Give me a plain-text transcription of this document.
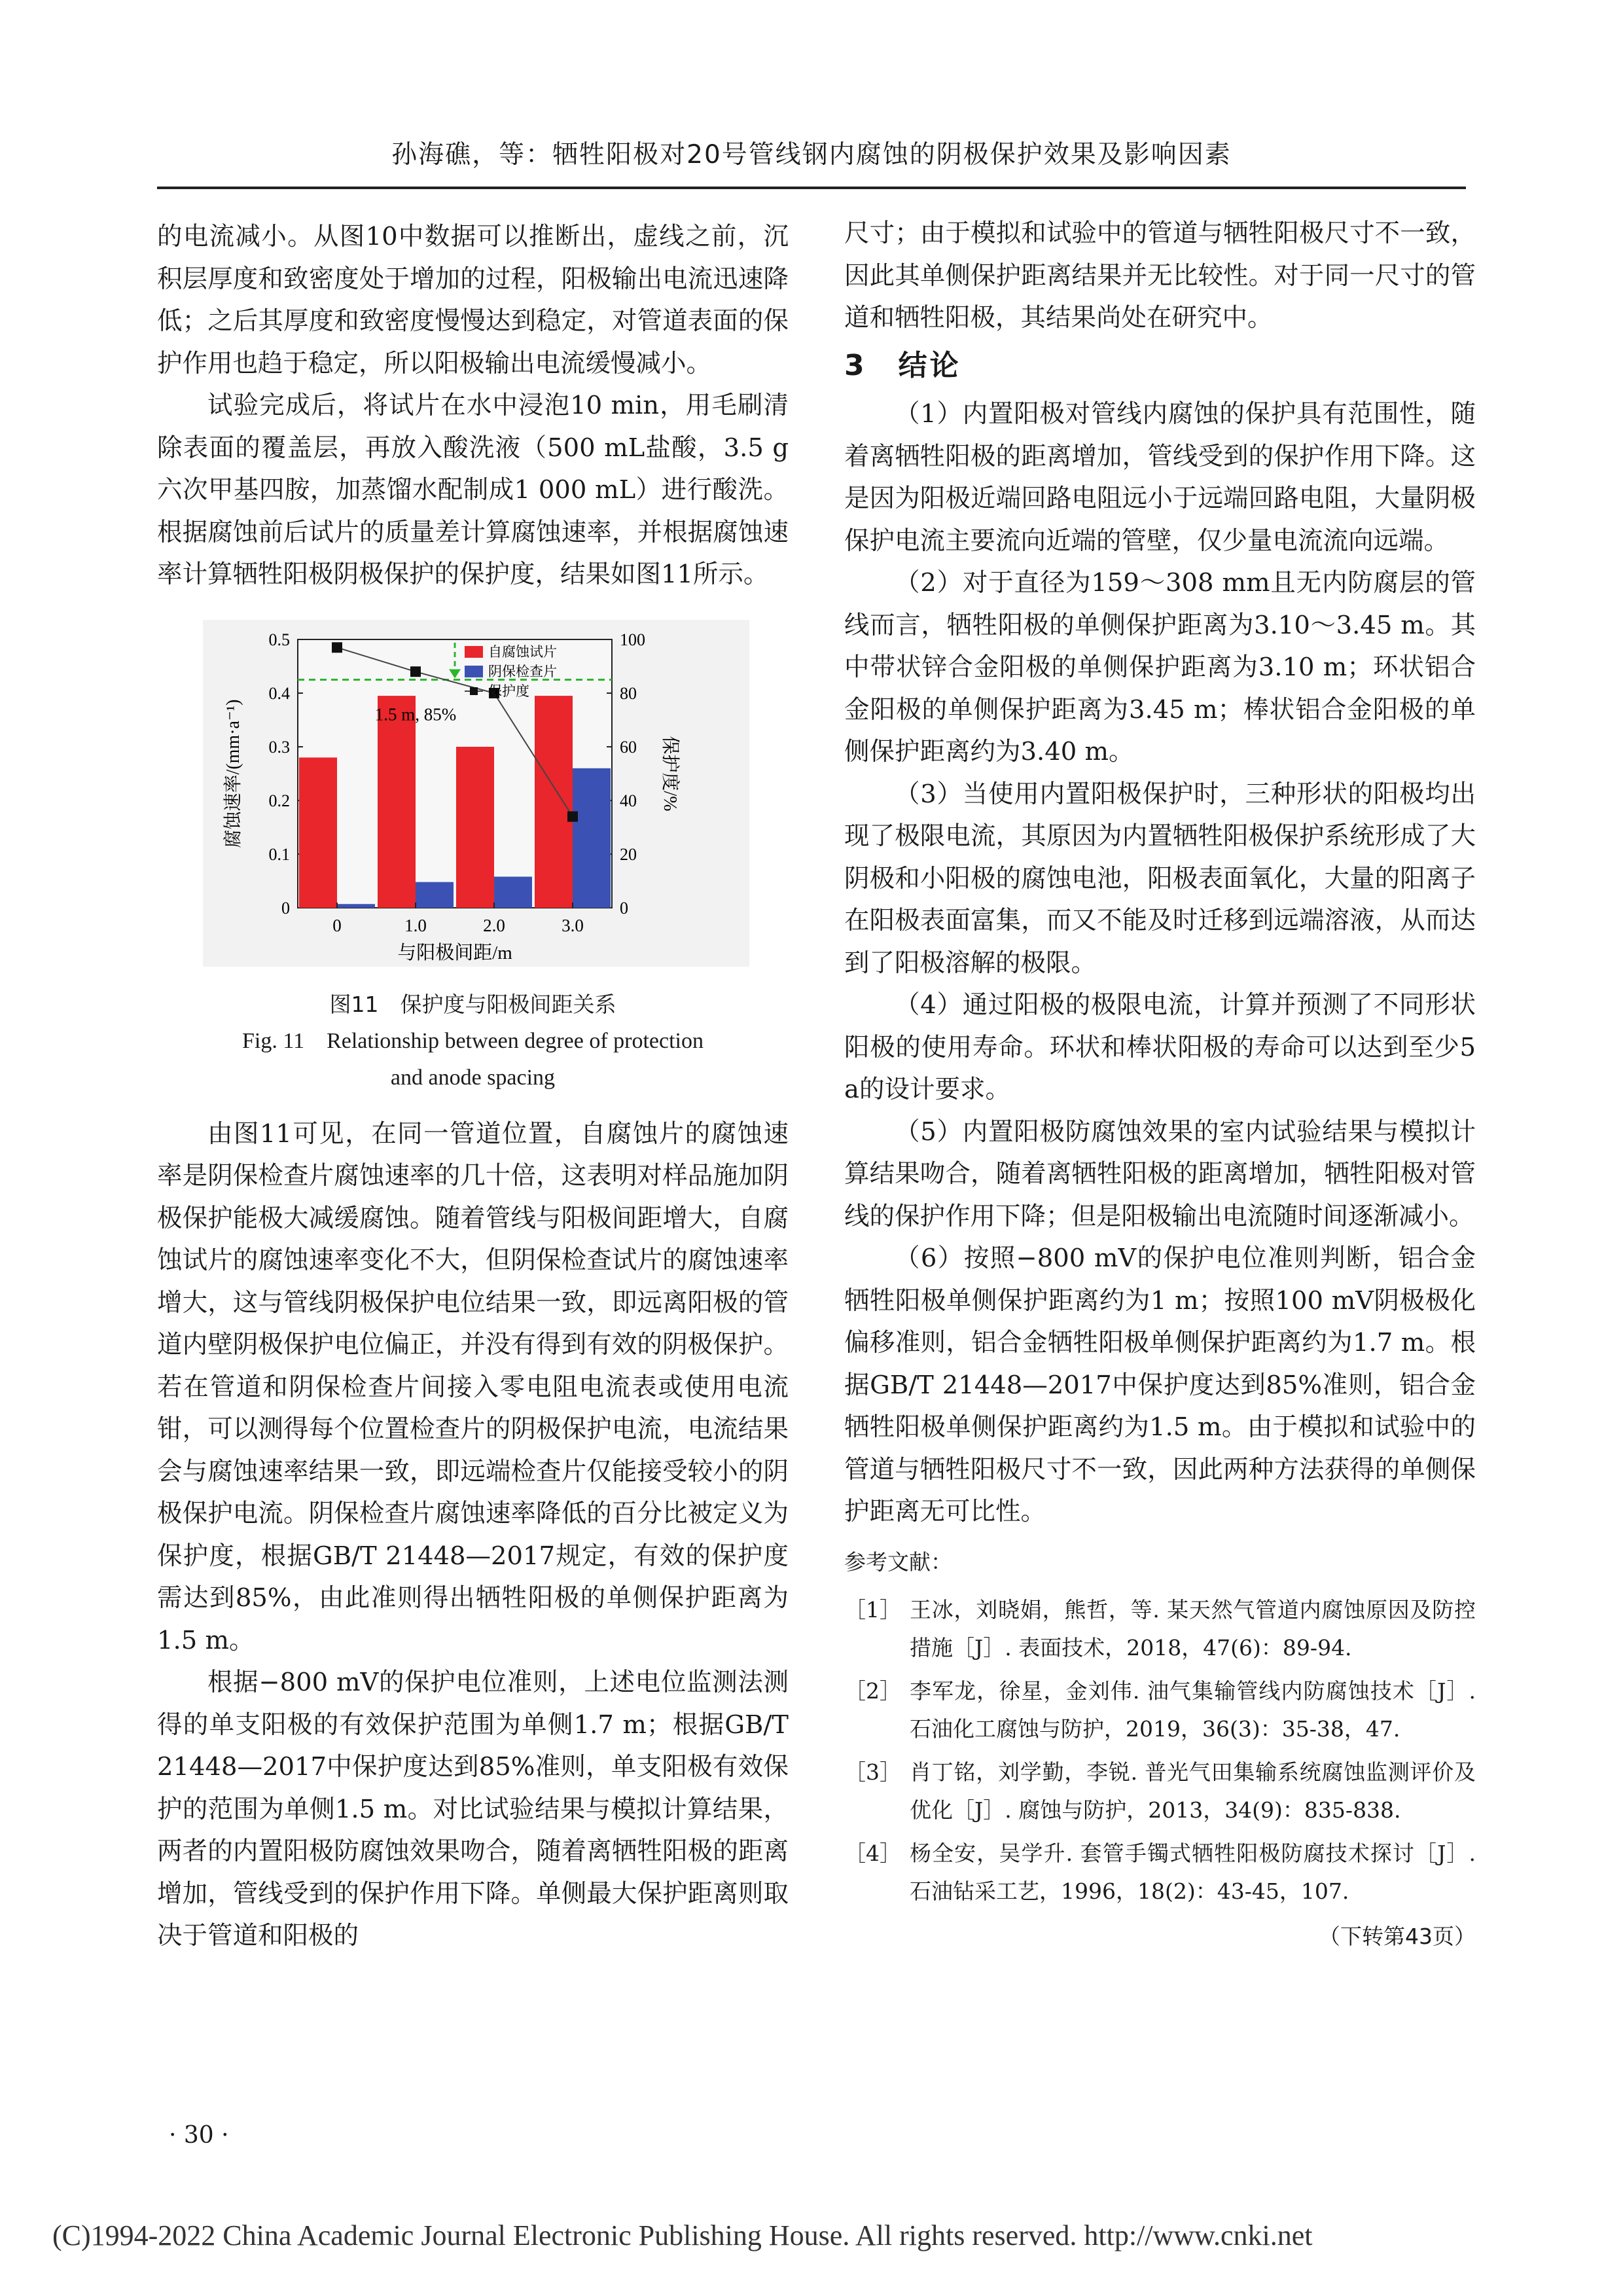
孙海礁，等：牺牲阳极对20号管线钢内腐蚀的阴极保护效果及影响因素

的电流减小。从图10中数据可以推断出，虚线之前，沉积层厚度和致密度处于增加的过程，阳极输出电流迅速降低；之后其厚度和致密度慢慢达到稳定，对管道表面的保护作用也趋于稳定，所以阳极输出电流缓慢减小。

试验完成后，将试片在水中浸泡10 min，用毛刷清除表面的覆盖层，再放入酸洗液（500 mL盐酸，3.5 g六次甲基四胺，加蒸馏水配制成1 000 mL）进行酸洗。根据腐蚀前后试片的质量差计算腐蚀速率，并根据腐蚀速率计算牺牲阳极阴极保护的保护度，结果如图11所示。

0
0.1
0.2
0.3
0.4
0.5
0
20
40
60
80
100
0	1.0	2.0	3.0
1.5 m, 85%
腐蚀速率/(mm·a⁻¹)	保护度/%
与阳极间距/m
自腐蚀试片
阴保检查片
保护度
图11　保护度与阳极间距关系
Fig. 11　Relationship between degree of protection
and anode spacing

由图11可见，在同一管道位置，自腐蚀片的腐蚀速率是阴保检查片腐蚀速率的几十倍，这表明对样品施加阴极保护能极大减缓腐蚀。随着管线与阳极间距增大，自腐蚀试片的腐蚀速率变化不大，但阴保检查试片的腐蚀速率增大，这与管线阴极保护电位结果一致，即远离阳极的管道内壁阴极保护电位偏正，并没有得到有效的阴极保护。若在管道和阴保检查片间接入零电阻电流表或使用电流钳，可以测得每个位置检查片的阴极保护电流，电流结果会与腐蚀速率结果一致，即远端检查片仅能接受较小的阴极保护电流。阴保检查片腐蚀速率降低的百分比被定义为保护度，根据GB/T 21448—2017规定，有效的保护度需达到85%，由此准则得出牺牲阳极的单侧保护距离为1.5 m。

根据−800 mV的保护电位准则，上述电位监测法测得的单支阳极的有效保护范围为单侧1.7 m；根据GB/T 21448—2017中保护度达到85%准则，单支阳极有效保护的范围为单侧1.5 m。对比试验结果与模拟计算结果，两者的内置阳极防腐蚀效果吻合，随着离牺牲阳极的距离增加，管线受到的保护作用下降。单侧最大保护距离则取决于管道和阳极的

尺寸；由于模拟和试验中的管道与牺牲阳极尺寸不一致，因此其单侧保护距离结果并无比较性。对于同一尺寸的管道和牺牲阳极，其结果尚处在研究中。

3　结论

（1）内置阳极对管线内腐蚀的保护具有范围性，随着离牺牲阳极的距离增加，管线受到的保护作用下降。这是因为阳极近端回路电阻远小于远端回路电阻，大量阴极保护电流主要流向近端的管壁，仅少量电流流向远端。

（2）对于直径为159～308 mm且无内防腐层的管线而言，牺牲阳极的单侧保护距离为3.10～3.45 m。其中带状锌合金阳极的单侧保护距离为3.10 m；环状铝合金阳极的单侧保护距离为3.45 m；棒状铝合金阳极的单侧保护距离约为3.40 m。

（3）当使用内置阳极保护时，三种形状的阳极均出现了极限电流，其原因为内置牺牲阳极保护系统形成了大阴极和小阳极的腐蚀电池，阳极表面氧化，大量的阳离子在阳极表面富集，而又不能及时迁移到远端溶液，从而达到了阳极溶解的极限。

（4）通过阳极的极限电流，计算并预测了不同形状阳极的使用寿命。环状和棒状阳极的寿命可以达到至少5 a的设计要求。

（5）内置阳极防腐蚀效果的室内试验结果与模拟计算结果吻合，随着离牺牲阳极的距离增加，牺牲阳极对管线的保护作用下降；但是阳极输出电流随时间逐渐减小。

（6）按照−800 mV的保护电位准则判断，铝合金牺牲阳极单侧保护距离约为1 m；按照100 mV阴极极化偏移准则，铝合金牺牲阳极单侧保护距离约为1.7 m。根据GB/T 21448—2017中保护度达到85%准则，铝合金牺牲阳极单侧保护距离约为1.5 m。由于模拟和试验中的管道与牺牲阳极尺寸不一致，因此两种方法获得的单侧保护距离无可比性。

参考文献：
［1］ 王冰，刘晓娟，熊哲，等. 某天然气管道内腐蚀原因及防控措施［J］. 表面技术，2018，47(6)：89-94.
［2］ 李军龙，徐星，金刘伟. 油气集输管线内防腐蚀技术［J］. 石油化工腐蚀与防护，2019，36(3)：35-38，47.
［3］ 肖丁铭，刘学勤，李锐. 普光气田集输系统腐蚀监测评价及优化［J］. 腐蚀与防护，2013，34(9)：835-838.
［4］ 杨全安，吴学升. 套管手镯式牺牲阳极防腐技术探讨［J］. 石油钻采工艺，1996，18(2)：43-45，107.
（下转第43页）
· 30 ·
(C)1994-2022 China Academic Journal Electronic Publishing House. All rights reserved. http://www.cnki.net
